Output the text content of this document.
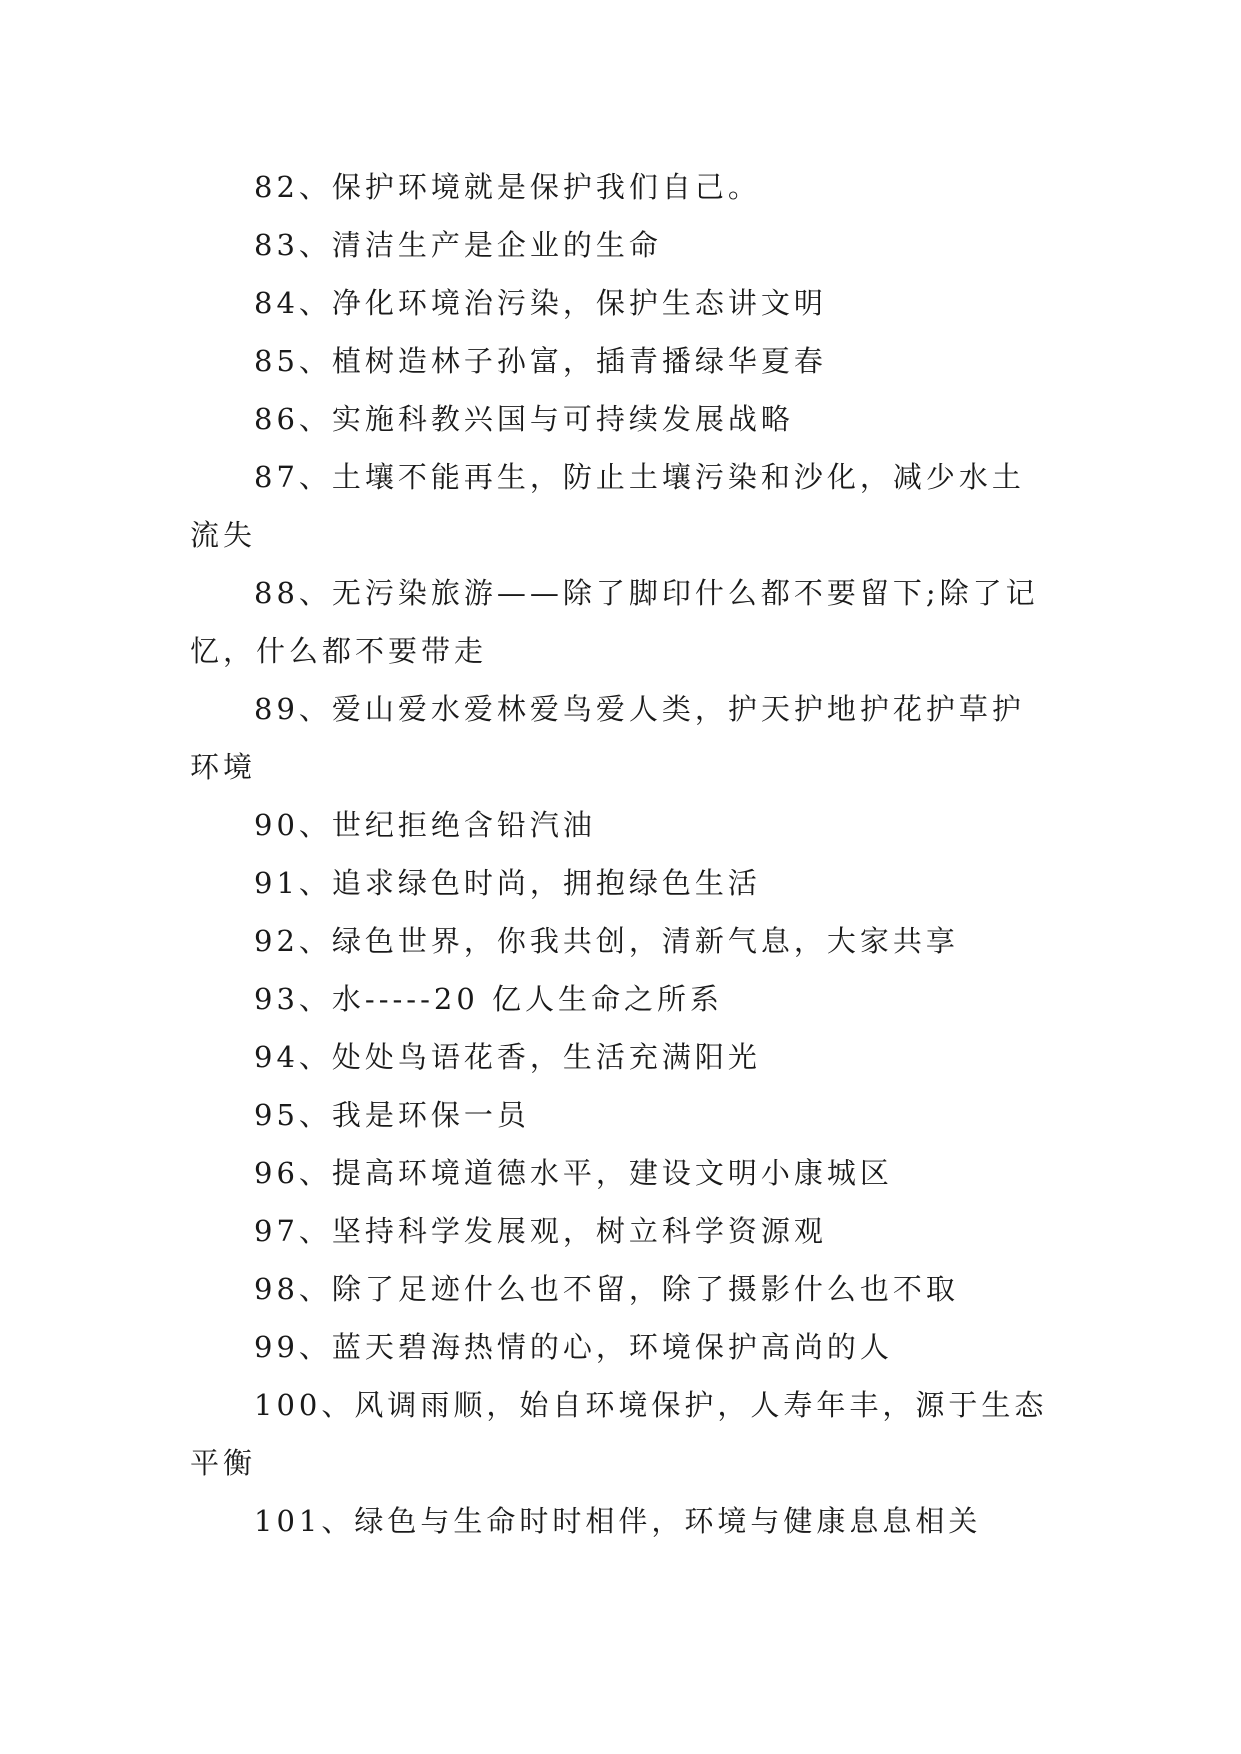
82、保护环境就是保护我们自己。

83、清洁生产是企业的生命

84、净化环境治污染，保护生态讲文明

85、植树造林子孙富，插青播绿华夏春

86、实施科教兴国与可持续发展战略

87、土壤不能再生，防止土壤污染和沙化，减少水土流失

88、无污染旅游——除了脚印什么都不要留下;除了记忆，什么都不要带走

89、爱山爱水爱林爱鸟爱人类，护天护地护花护草护环境

90、世纪拒绝含铅汽油

91、追求绿色时尚，拥抱绿色生活

92、绿色世界，你我共创，清新气息，大家共享

93、水-----20 亿人生命之所系

94、处处鸟语花香，生活充满阳光

95、我是环保一员

96、提高环境道德水平，建设文明小康城区

97、坚持科学发展观，树立科学资源观

98、除了足迹什么也不留，除了摄影什么也不取

99、蓝天碧海热情的心，环境保护高尚的人

100、风调雨顺，始自环境保护，人寿年丰，源于生态平衡

101、绿色与生命时时相伴，环境与健康息息相关
